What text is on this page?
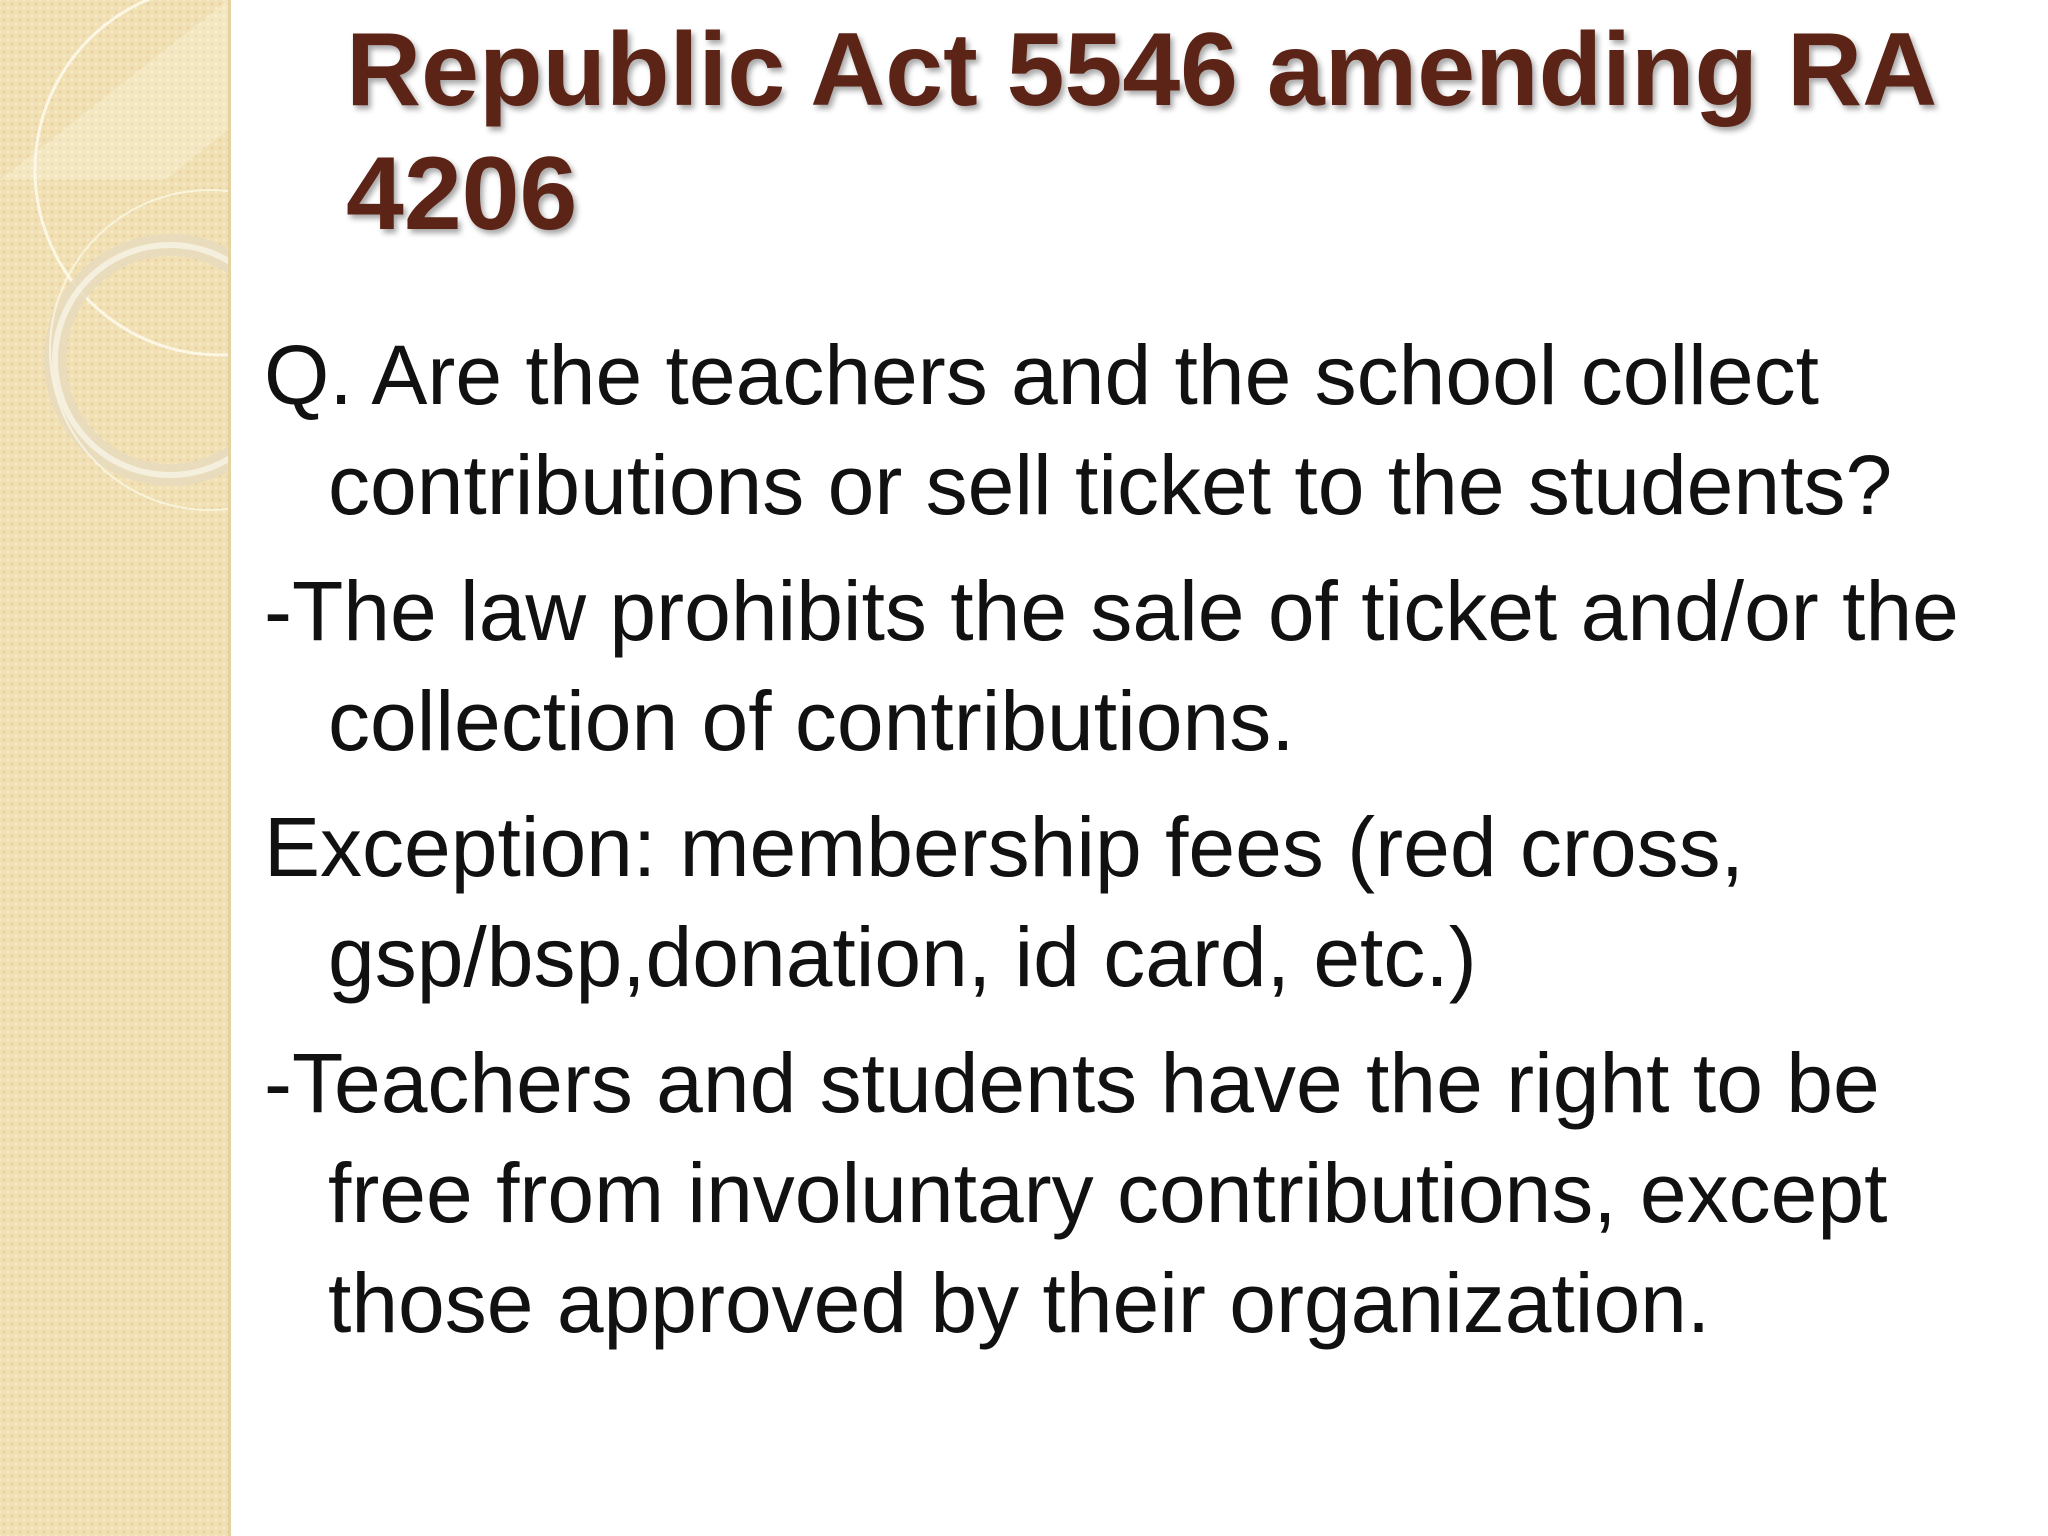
Republic Act 5546 amending RA 4206

Q. Are the teachers and the school collect contributions or sell ticket to the students?

-The law prohibits the sale of ticket and/or the collection of contributions.

Exception: membership fees (red cross, gsp/bsp,donation, id card, etc.)

-Teachers and students have the right to be free from involuntary contributions, except those approved by their organization.
